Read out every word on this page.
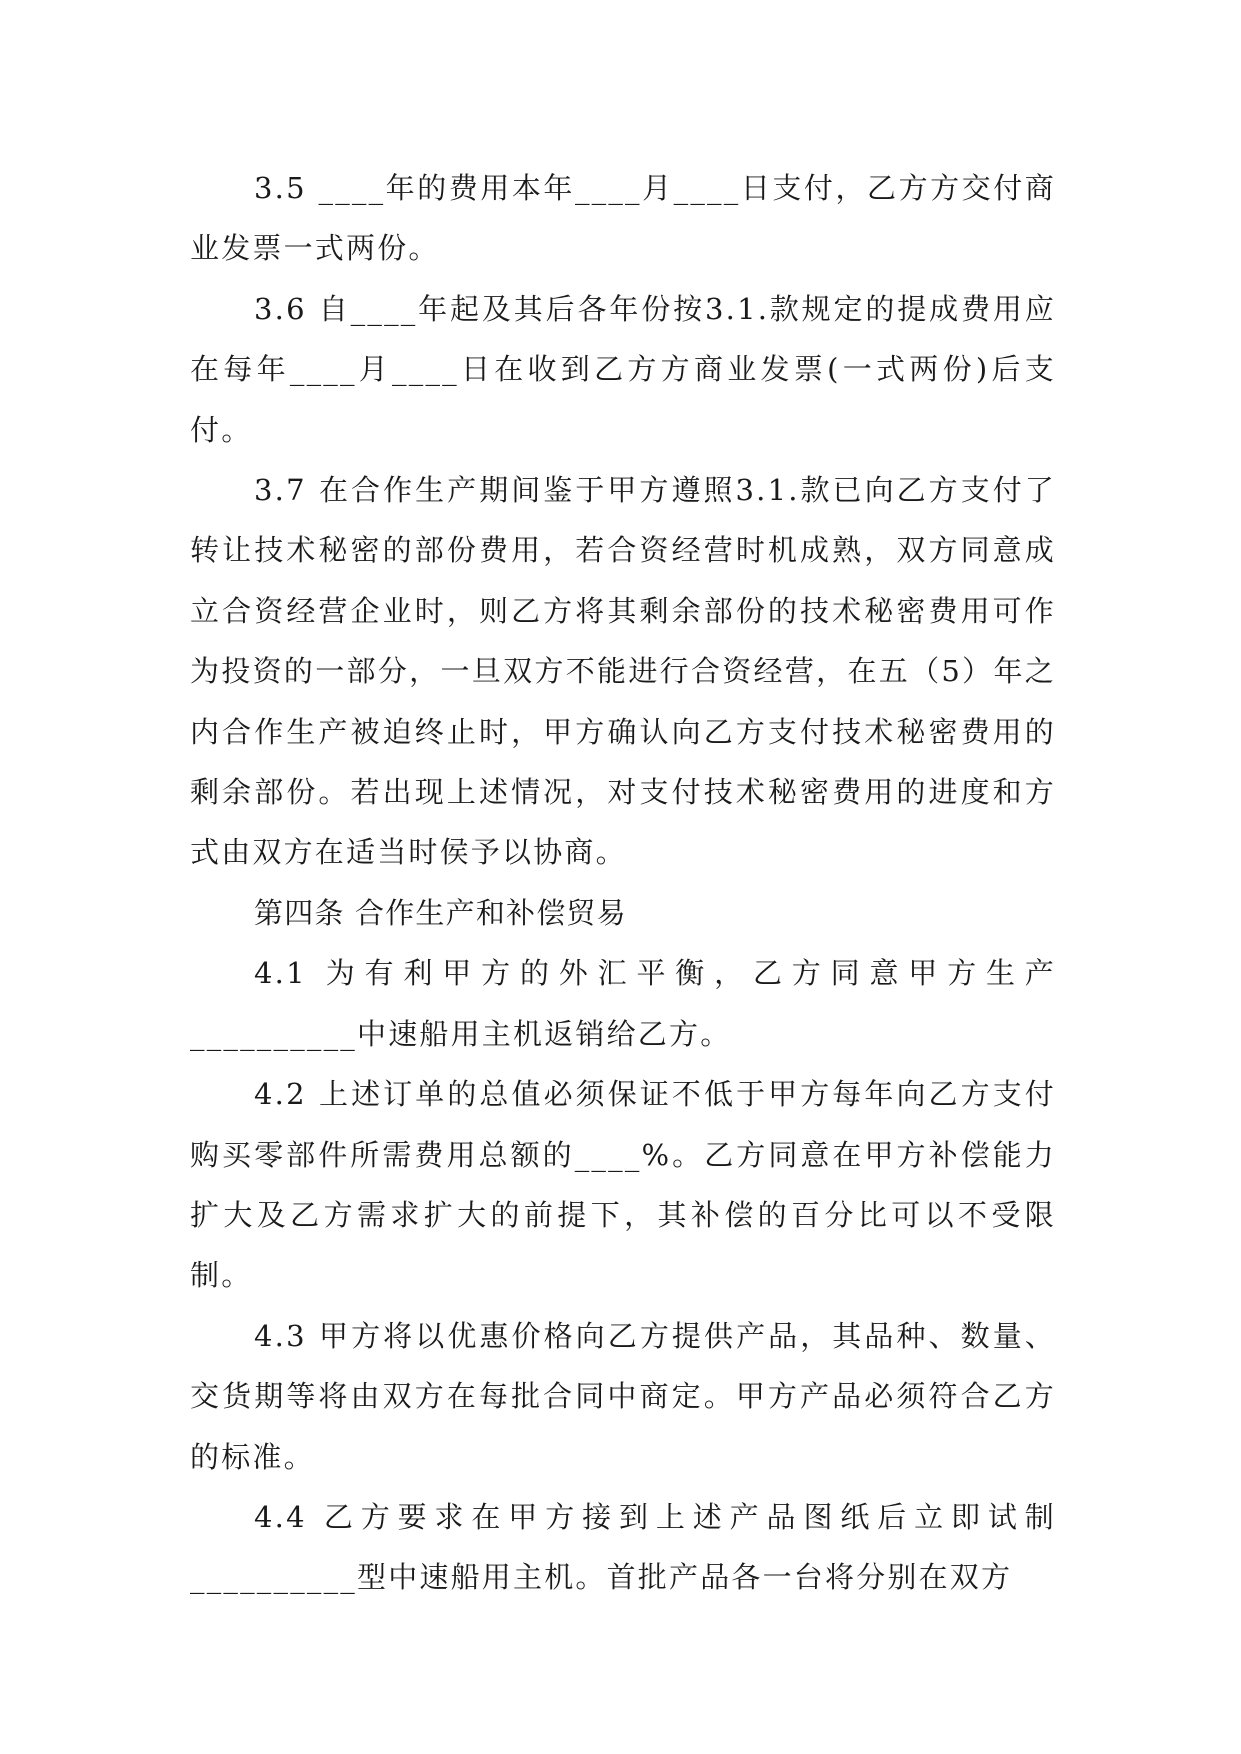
3.5 ____年的费用本年____月____日支付，乙方方交付商业发票一式两份。

3.6 自____年起及其后各年份按3.1.款规定的提成费用应在每年____月____日在收到乙方方商业发票(一式两份)后支付。

3.7 在合作生产期间鉴于甲方遵照3.1.款已向乙方支付了转让技术秘密的部份费用，若合资经营时机成熟，双方同意成立合资经营企业时，则乙方将其剩余部份的技术秘密费用可作为投资的一部分，一旦双方不能进行合资经营，在五（5）年之内合作生产被迫终止时，甲方确认向乙方支付技术秘密费用的剩余部份。若出现上述情况，对支付技术秘密费用的进度和方式由双方在适当时侯予以协商。

第四条 合作生产和补偿贸易

4.1 为有利甲方的外汇平衡，乙方同意甲方生产__________中速船用主机返销给乙方。

4.2 上述订单的总值必须保证不低于甲方每年向乙方支付购买零部件所需费用总额的____%。乙方同意在甲方补偿能力扩大及乙方需求扩大的前提下，其补偿的百分比可以不受限制。

4.3 甲方将以优惠价格向乙方提供产品，其品种、数量、交货期等将由双方在每批合同中商定。甲方产品必须符合乙方的标准。

4.4 乙方要求在甲方接到上述产品图纸后立即试制__________型中速船用主机。首批产品各一台将分别在双方
